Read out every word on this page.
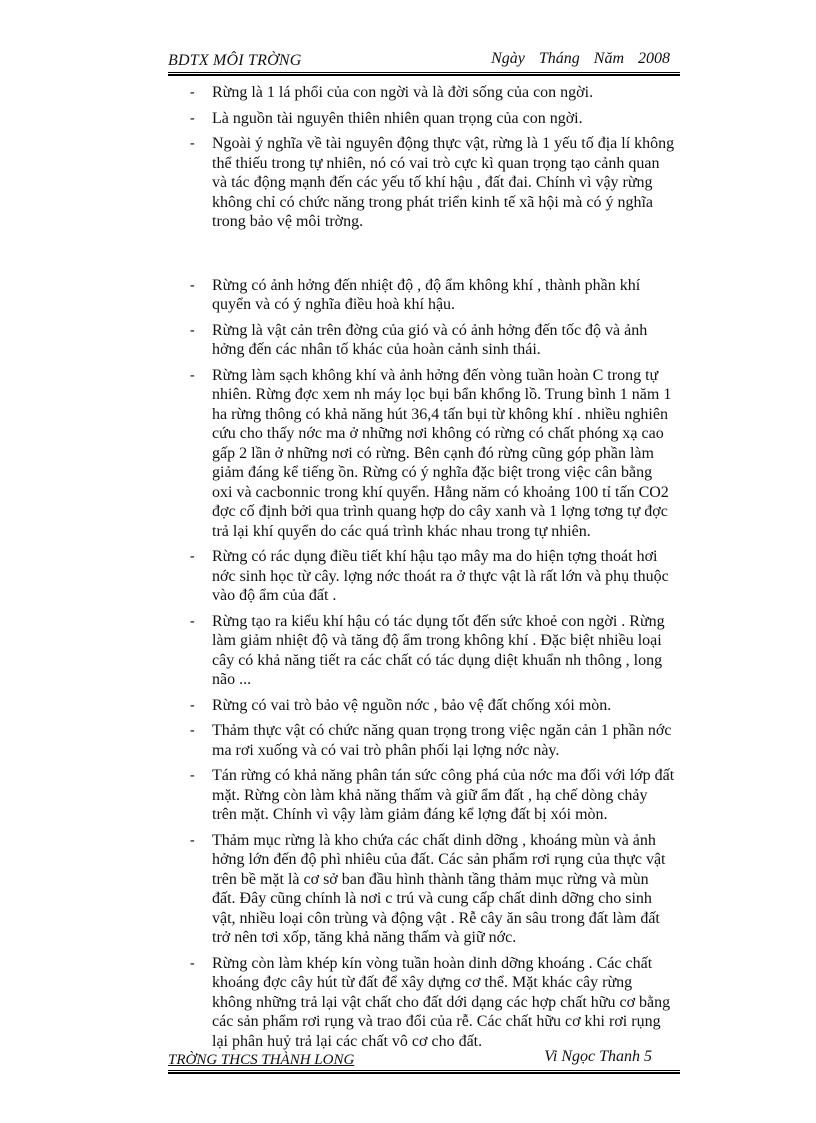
BDTX MÔI TRỜNG	Ngày Tháng Năm 2008
- Rừng là 1 lá phổi của con ngời và là đời sống của con ngời.
- Là nguồn tài nguyên thiên nhiên quan trọng của con ngời.
- Ngoài ý nghĩa về tài nguyên động thực vật, rừng là 1 yếu tố địa lí không thể thiếu trong tự nhiên, nó có vai trò cực kì quan trọng tạo cảnh quan và tác động mạnh đến các yếu tố khí hậu , đất đai. Chính vì vậy rừng không chỉ có chức năng trong phát triển kinh tế xã hội mà có ý nghĩa trong bảo vệ môi trờng.
- Rừng có ảnh hởng đến nhiệt độ , độ ẩm không khí , thành phần khí quyển và có ý nghĩa điều hoà khí hậu.
- Rừng là vật cản trên đờng của gió và có ảnh hởng đến tốc độ và ảnh hởng đến các nhân tố khác của hoàn cảnh sinh thái.
- Rừng làm sạch không khí và ảnh hởng đến vòng tuần hoàn C trong tự nhiên. Rừng đợc xem nh máy lọc bụi bẩn khổng lồ. Trung bình 1 năm 1 ha rừng thông có khả năng hút 36,4 tấn bụi từ không khí . nhiều nghiên cứu cho thấy nớc ma ở những nơi không có rừng có chất phóng xạ cao gấp 2 lần ở những nơi có rừng. Bên cạnh đó rừng cũng góp phần làm giảm đáng kể tiếng ồn. Rừng có ý nghĩa đặc biệt trong việc cân bằng oxi và cacbonnic trong khí quyển. Hằng năm có khoảng 100 tỉ tấn CO2 đợc cố định bởi qua trình quang hợp do cây xanh và 1 lợng tơng tự đợc trả lại khí quyển do các quá trình khác nhau trong tự nhiên.
- Rừng có rác dụng điều tiết khí hậu tạo mây ma do hiện tợng thoát hơi nớc sinh học từ cây. lợng nớc thoát ra ở thực vật là rất lớn và phụ thuộc vào độ ẩm của đất .
- Rừng tạo ra kiểu khí hậu có tác dụng tốt đến sức khoẻ con ngời . Rừng làm giảm nhiệt độ và tăng độ ẩm trong không khí . Đặc biệt nhiều loại cây có khả năng tiết ra các chất có tác dụng diệt khuẩn nh thông , long não ...
- Rừng có vai trò bảo vệ nguồn nớc , bảo vệ đất chống xói mòn.
- Thảm thực vật có chức năng quan trọng trong việc ngăn cản 1 phần nớc ma rơi xuống và có vai trò phân phối lại lợng nớc này.
- Tán rừng có khả năng phân tán sức công phá của nớc ma đối với lớp đất mặt. Rừng còn làm khả năng thấm và giữ ẩm đất , hạ chế dòng chảy trên mặt. Chính vì vậy làm giảm đáng kể lợng đất bị xói mòn.
- Thảm mục rừng là kho chứa các chất dinh dỡng , khoáng mùn và ảnh hởng lớn đến độ phì nhiêu của đất. Các sản phẩm rơi rụng của thực vật trên bề mặt là cơ sở ban đầu hình thành tầng thảm mục rừng và mùn đất. Đây cũng chính là nơi c trú và cung cấp chất dinh dỡng cho sinh vật, nhiều loại côn trùng và động vật . Rễ cây ăn sâu trong đất làm đất trở nên tơi xốp, tăng khả năng thấm và giữ nớc.
- Rừng còn làm khép kín vòng tuần hoàn dinh dỡng khoáng . Các chất khoáng đợc cây hút từ đất để xây dựng cơ thể. Mặt khác cây rừng không những trả lại vật chất cho đất dới dạng các hợp chất hữu cơ bằng các sản phẩm rơi rụng và trao đổi của rễ. Các chất hữu cơ khi rơi rụng lại phân huỷ trả lại các chất vô cơ cho đất.
TRỜNG THCS THÀNH LONG	Vi Ngọc Thanh 5
